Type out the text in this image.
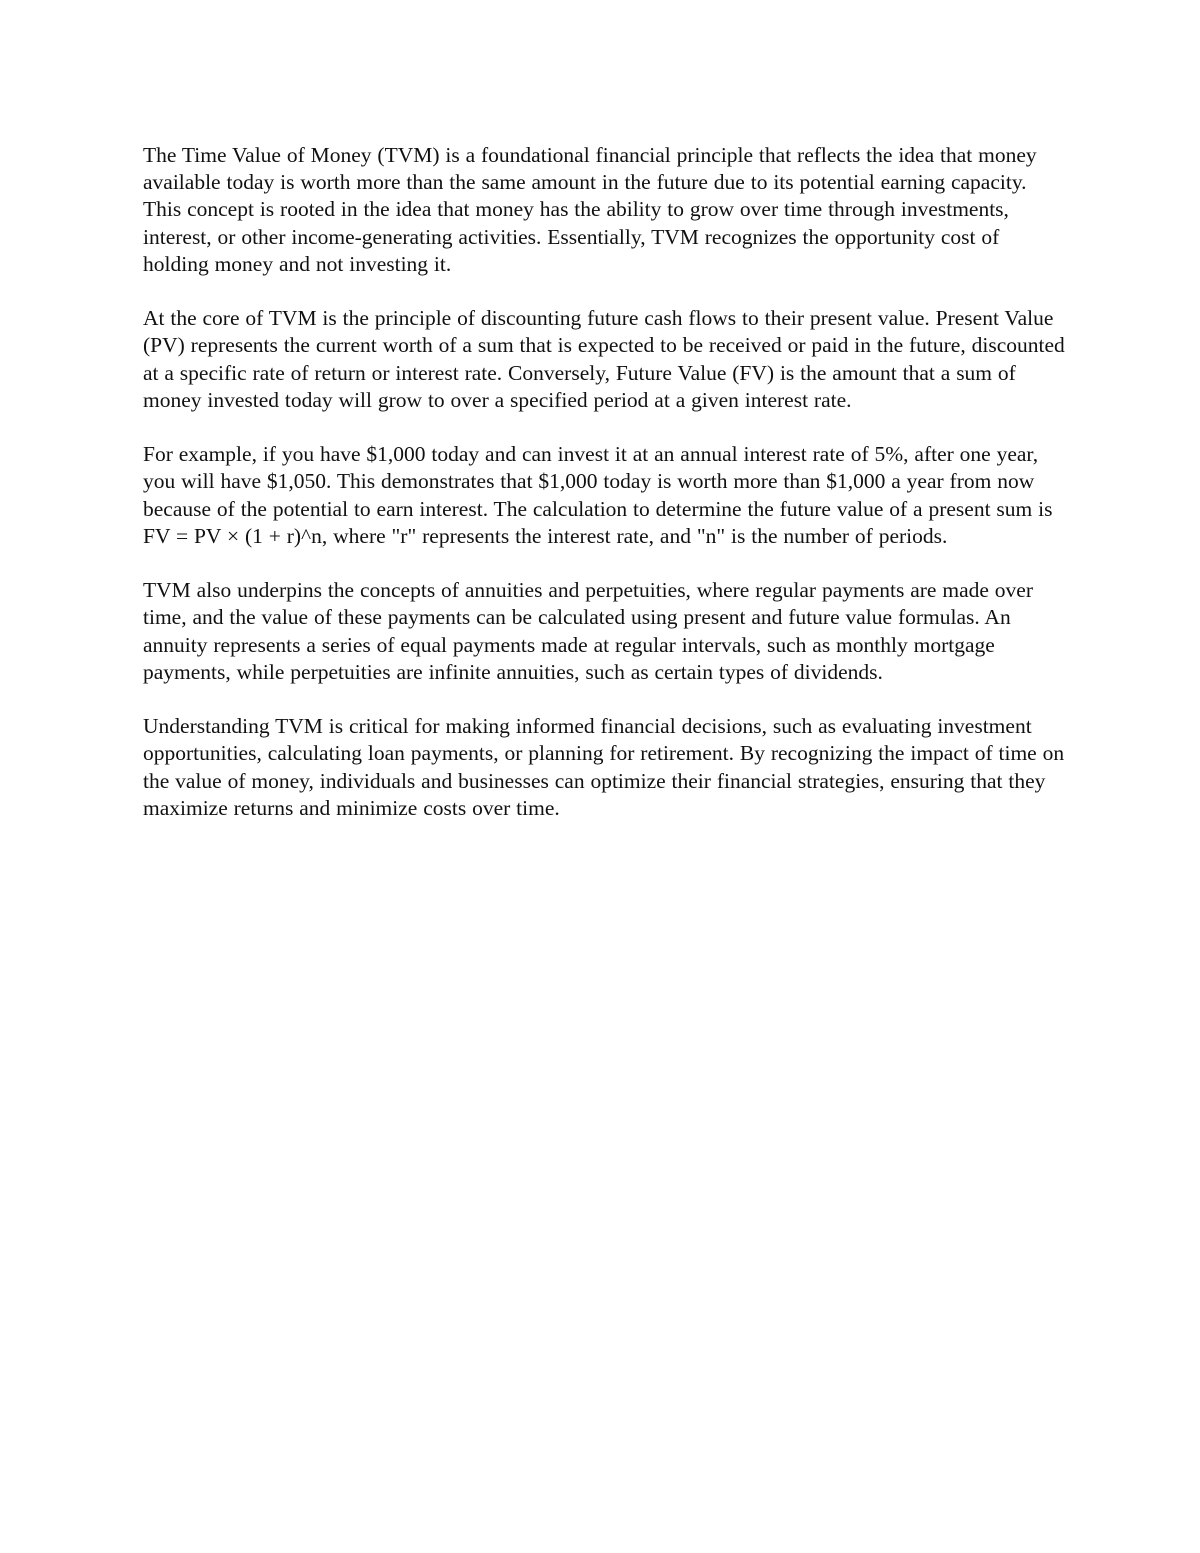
The Time Value of Money (TVM) is a foundational financial principle that reflects the idea that money available today is worth more than the same amount in the future due to its potential earning capacity. This concept is rooted in the idea that money has the ability to grow over time through investments, interest, or other income-generating activities. Essentially, TVM recognizes the opportunity cost of holding money and not investing it.

At the core of TVM is the principle of discounting future cash flows to their present value. Present Value (PV) represents the current worth of a sum that is expected to be received or paid in the future, discounted at a specific rate of return or interest rate. Conversely, Future Value (FV) is the amount that a sum of money invested today will grow to over a specified period at a given interest rate.

For example, if you have $1,000 today and can invest it at an annual interest rate of 5%, after one year, you will have $1,050. This demonstrates that $1,000 today is worth more than $1,000 a year from now because of the potential to earn interest. The calculation to determine the future value of a present sum is FV = PV × (1 + r)^n, where "r" represents the interest rate, and "n" is the number of periods.

TVM also underpins the concepts of annuities and perpetuities, where regular payments are made over time, and the value of these payments can be calculated using present and future value formulas. An annuity represents a series of equal payments made at regular intervals, such as monthly mortgage payments, while perpetuities are infinite annuities, such as certain types of dividends.

Understanding TVM is critical for making informed financial decisions, such as evaluating investment opportunities, calculating loan payments, or planning for retirement. By recognizing the impact of time on the value of money, individuals and businesses can optimize their financial strategies, ensuring that they maximize returns and minimize costs over time.
